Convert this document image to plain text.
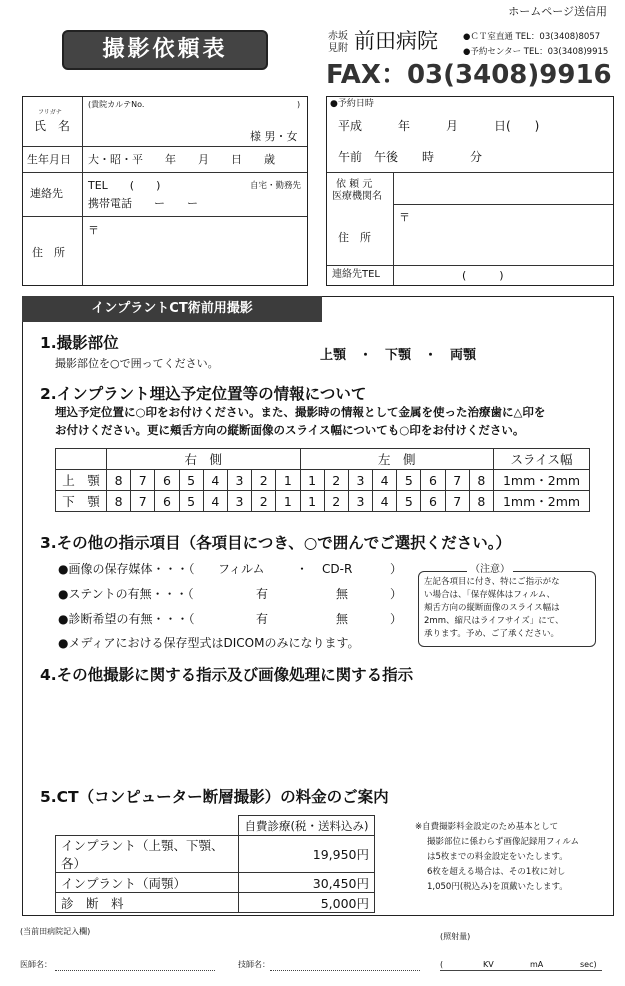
ホームページ送信用
撮影依頼表
赤坂
見附 前田病院	●ＣＴ室直通 TEL：03(3408)8057
●予約センター TEL：03(3408)9915
FAX：03(3408)9916
フリガナ
氏　名
(貴院カルテNo.	)
様 男・女
生年月日 大・昭・平　　年　　月　　日　　歳
連絡先
TEL　　(　　)	自宅・勤務先
携帯電話　　ー　　ー
住　所
〒
●予約日時
平成　　　年　　　月　　　日(　　)
午前　午後　　時　　　分
依 頼 元
医療機関名
住　所
〒
連絡先TEL	(　　　)
インプラントCT術前用撮影
1.撮影部位
撮影部位を○で囲ってください。
上顎　・　下顎　・　両顎
2.インプラント埋込予定位置等の情報について
埋込予定位置に○印をお付けください。また、撮影時の情報として金属を使った治療歯に△印を
お付けください。更に頬舌方向の縦断面像のスライス幅についても○印をお付けください。
	右　側								左　側								スライス幅
上　顎	8	7	6	5	4	3	2	1	1	2	3	4	5	6	7	8	1mm・2mm
下　顎	8	7	6	5	4	3	2	1	1	2	3	4	5	6	7	8	1mm・2mm
3.その他の指示項目（各項目につき、○で囲んでご選択ください。）
●画像の保存媒体・・・（ フィルム	・ CD-R	）
●ステントの有無・・・（	有	無	）
●診断希望の有無・・・（	有	無	）
●メディアにおける保存型式はDICOMのみになります。
（注意）
左記各項目に付き、特にご指示がな
い場合は、「保存媒体はフィルム、
頬舌方向の縦断面像のスライス幅は
2mm、縮尺はライフサイズ」にて、
承ります。予め、ご了承ください。
4.その他撮影に関する指示及び画像処理に関する指示
5.CT（コンピューター断層撮影）の料金のご案内
	自費診療(税・送料込み)
インプラント（上顎、下顎、各）	19,950円
インプラント（両顎）	30,450円
診　断　料	5,000円
※自費撮影料金設定のため基本として
撮影部位に係わらず画像記録用フィルム
は5枚までの料金設定をいたします。
6枚を超える場合は、その1枚に対し
1,050円(税込み)を頂戴いたします。
(当前田病院記入欄)
(照射量)
医師名：	技師名：	(	KV	mA	sec)
